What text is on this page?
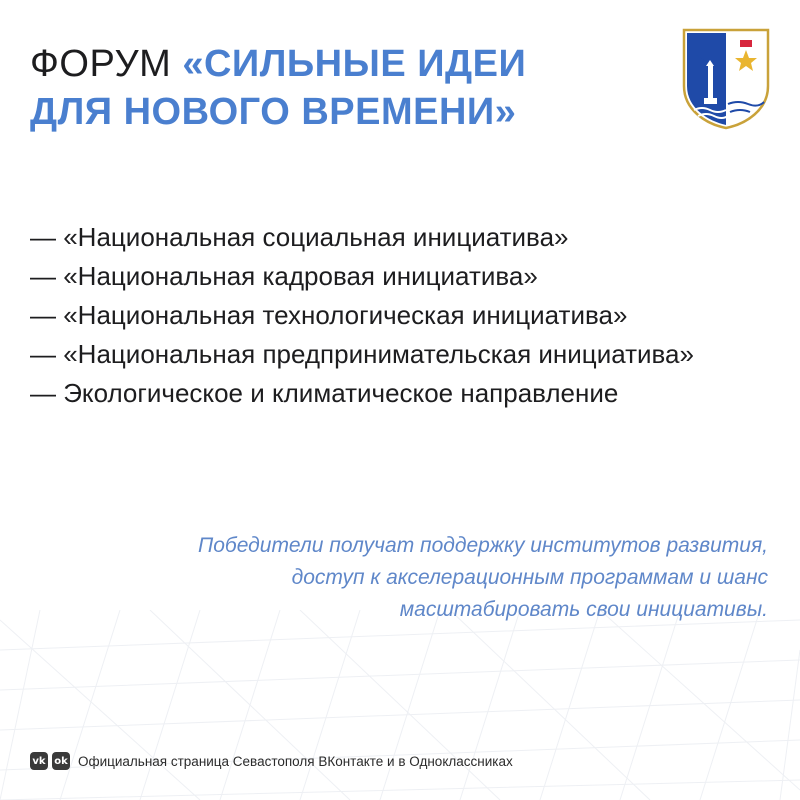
ФОРУМ «СИЛЬНЫЕ ИДЕИ
ДЛЯ НОВОГО ВРЕМЕНИ»
— «Национальная социальная инициатива»
— «Национальная кадровая инициатива»
— «Национальная технологическая инициатива»
— «Национальная предпринимательская инициатива»
— Экологическое и климатическое направление
Победители получат поддержку институтов развития,
доступ к акселерационным программам и шанс
масштабировать свои инициативы.
vk ok Официальная страница Севастополя ВКонтакте и в Одноклассниках
